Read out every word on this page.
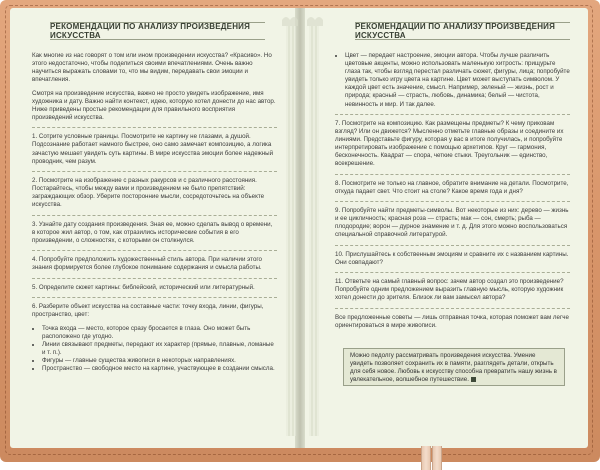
РЕКОМЕНДАЦИИ ПО АНАЛИЗУ ПРОИЗВЕДЕНИЯ ИСКУССТВА

Как многие из нас говорят о том или ином произведении искусства? «Красиво». Но этого недостаточно, чтобы поделиться своими впечатлениями. Очень важно научиться выражать словами то, что мы видим, передавать свои эмоции и впечатления.

Смотря на произведение искусства, важно не просто увидеть изображение, имя художника и дату. Важно найти контекст, идею, которую хотел донести до нас автор. Ниже приведены простые рекомендации для правильного восприятия произведений искусства.

1. Сотрите условные границы. Посмотрите не картину не глазами, а душой. Подсознание работает намного быстрее, оно само замечает композицию, а логика зачастую мешает увидеть суть картины. В мире искусства эмоции более надежный проводник, чем разум.

2. Посмотрите на изображение с разных ракурсов и с различного расстояния. Постарайтесь, чтобы между вами и произведением не было препятствий: заграждающих обзор. Уберите посторонние мысли, сосредоточьтесь на объекте искусства.

3. Узнайте дату создания произведения. Зная ее, можно сделать вывод о времени, в которое жил автор, о том, как отразились исторические события в его произведении, о сложностях, с которыми он столкнулся.

4. Попробуйте предположить художественный стиль автора. При наличии этого знания формируется более глубокое понимание содержания и смысла работы.

5. Определите сюжет картины: библейский, исторический или литературный.

6. Разберите объект искусства на составные части: точку входа, линии, фигуры, пространство, цвет:

• Точка входа — место, которое сразу бросается в глаза. Оно может быть расположено где угодно.
• Линии связывают предметы, передают их характер (прямые, плавные, ломаные и т. п.).
• Фигуры — главные существа живописи в некоторых направлениях.
• Пространство — свободное место на картине, участвующее в создании смысла.
РЕКОМЕНДАЦИИ ПО АНАЛИЗУ ПРОИЗВЕДЕНИЯ ИСКУССТВА
• Цвет — передает настроение, эмоции автора. Чтобы лучше различить цветовые акценты, можно использовать маленькую хитрость: прищурьте глаза так, чтобы взгляд перестал различать сюжет, фигуры, лица; попробуйте увидеть только игру цвета на картине. Цвет может выступать символом. У каждой цвет есть значение, смысл. Например, зеленый — жизнь, рост и природа; красный — страсть, любовь, динамика; белый — чистота, невинность и мир. И так далее.

7. Посмотрите на композицию. Как размещены предметы? К чему приковам взгляд? Или он движется? Мысленно отметьте главные образы и соедините их линиями. Представьте фигуру, которая у вас в итоге получилась, и попробуйте интерпретировать изображение с помощью архетипов. Круг — гармония, бесконечность. Квадрат — спора, четкие стыки. Треугольник — единство, всекрешение.

8. Посмотрите не только на главное, обратите внимание на детали. Посмотрите, откуда падает свет. Что стоит на столе? Какое время года и дня?

9. Попробуйте найти предметы-символы. Вот некоторые из них: дерево — жизнь и ее цикличность; красная роза — страсть; мак — сон, смерть; рыба — плодородие; ворон — дурное знамение и т. д. Для этого можно воспользоваться специальной справочной литературой.

10. Прислушайтесь к собственным эмоциям и сравните их с названием картины. Они совпадают?

11. Ответьте на самый главный вопрос: зачем автор создал это произведение? Попробуйте одним предложением выразить главную мысль, которую художник хотел донести до зрителя. Близок ли вам замысел автора?

Все предложенные советы — лишь отправная точка, которая поможет вам легче ориентироваться в мире живописи.

Можно педолгу рассматривать произведения искусства. Умение увидеть позволяет сохранить их в памяти, разглядеть детали, открыть для себя новое. Любовь к искусству способна превратить нашу жизнь в увлекательное, волшебное путешествие.
